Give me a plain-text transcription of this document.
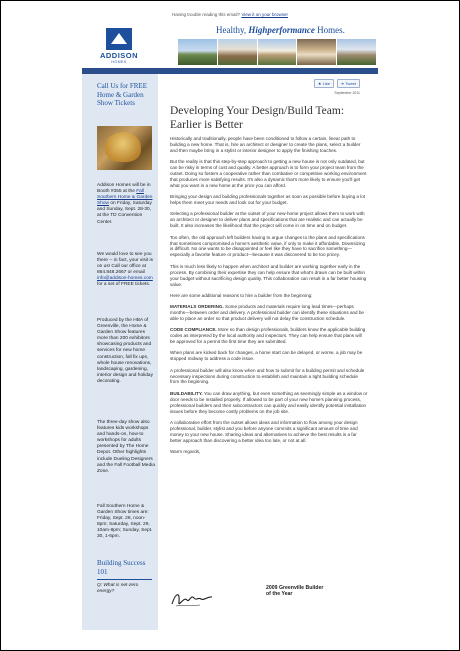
Having trouble reading this email? View it on your browser
ADDISON
HOMES
Healthy, Highperformance Homes.
Call Us for FREE Home & Garden Show Tickets
Addison Homes will be in Booth #355 at the Fall Southern Home & Garden Show on Friday, Saturday and Sunday, Sept. 28-30, at the TD Convention Center.
We would love to see you there -- in fact, your visit is on us! Call our office at 864.848.2667 or email info@addison-homes.com for a set of FREE tickets.
Produced by the HBA of Greenville, the Home & Garden Show features more than 200 exhibitors showcasing products and services for new home construction, fall fix ups, whole house renovations, landscaping, gardening, interior design and holiday decorating.
The three-day show also features kids workshops and hands-on, how-to workshops for adults presented by The Home Depot. Other highlights include Dueling Designers and the Fall Football Media Zone.
Fall Southern Home & Garden Show times are: Friday, Sept. 28, noon-8pm; Saturday, Sept. 29, 10am-8pm; Sunday, Sept. 30, 1-6pm.
Building Success 101
Q: What is net-zero energy?
★ Like	❧ Tweet
September 2011
Developing Your Design/Build Team: Earlier is Better

Historically and traditionally, people have been conditioned to follow a certain, linear path to building a new home. That is, hire an architect or designer to create the plans, select a builder and then maybe bring in a stylist or interior designer to apply the finishing touches.

But the reality is that this step-by-step approach to getting a new house is not only outdated, but can be risky in terms of cost and quality. A better approach is to form your project team from the outset. Doing so fosters a cooperative rather than combative or competitive working environment that produces more satisfying results. It's also a dynamic that's more likely to ensure you'll get what you want in a new home at the price you can afford.

Bringing your design and building professionals together as soon as possible before buying a lot helps them meet your needs and look out for your budget.

Selecting a professional builder at the outset of your new-home project allows them to work with an architect or designer to deliver plans and specifications that are realistic and can actually be built. It also increases the likelihood that the project will come in on time and on budget.

Too often, the old approach left builders having to argue changes to the plans and specifications that sometimes compromised a home's aesthetic value, if only to make it affordable. Downsizing is difficult. No one wants to be disappointed or feel like they have to sacrifice something—especially a favorite feature or product—because it was discovered to be too pricey.

This is much less likely to happen when architect and builder are working together early in the process. By combining their expertise they can help ensure that what's drawn can be built within your budget without sacrificing design quality. This collaboration can result in a far better housing value.

Here are some additional reasons to hire a builder from the beginning:

MATERIALS ORDERING. Some products and materials require long lead times—perhaps months—between order and delivery. A professional builder can identify these situations and be able to place an order so that product delivery will not delay the construction schedule.

CODE COMPLIANCE. More so than design professionals, builders know the applicable building codes as interpreted by the local authority and inspectors. They can help ensure that plans will be approved for a permit the first time they are submitted.

When plans are kicked back for changes, a home start can be delayed, or worse, a job may be stopped midway to address a code issue.

A professional builder will also know when and how to submit for a building permit and schedule necessary inspections during construction to establish and maintain a tight building schedule from the beginning.

BUILDABILITY. You can draw anything, but even something as seemingly simple as a window or door needs to be installed properly. If allowed to be part of your new home's planning process, professional builders and their subcontractors can quickly and easily identify potential installation issues before they become costly problems on the job site.

A collaborative effort from the outset allows ideas and information to flow among your design professional, builder, stylist and you before anyone commits a significant amount of time and money to your new house. Sharing ideas and alternatives to achieve the best results is a far better approach than discovering a better idea too late, or not at all.

Warm regards,

2009 Greenville Builder
of the Year
